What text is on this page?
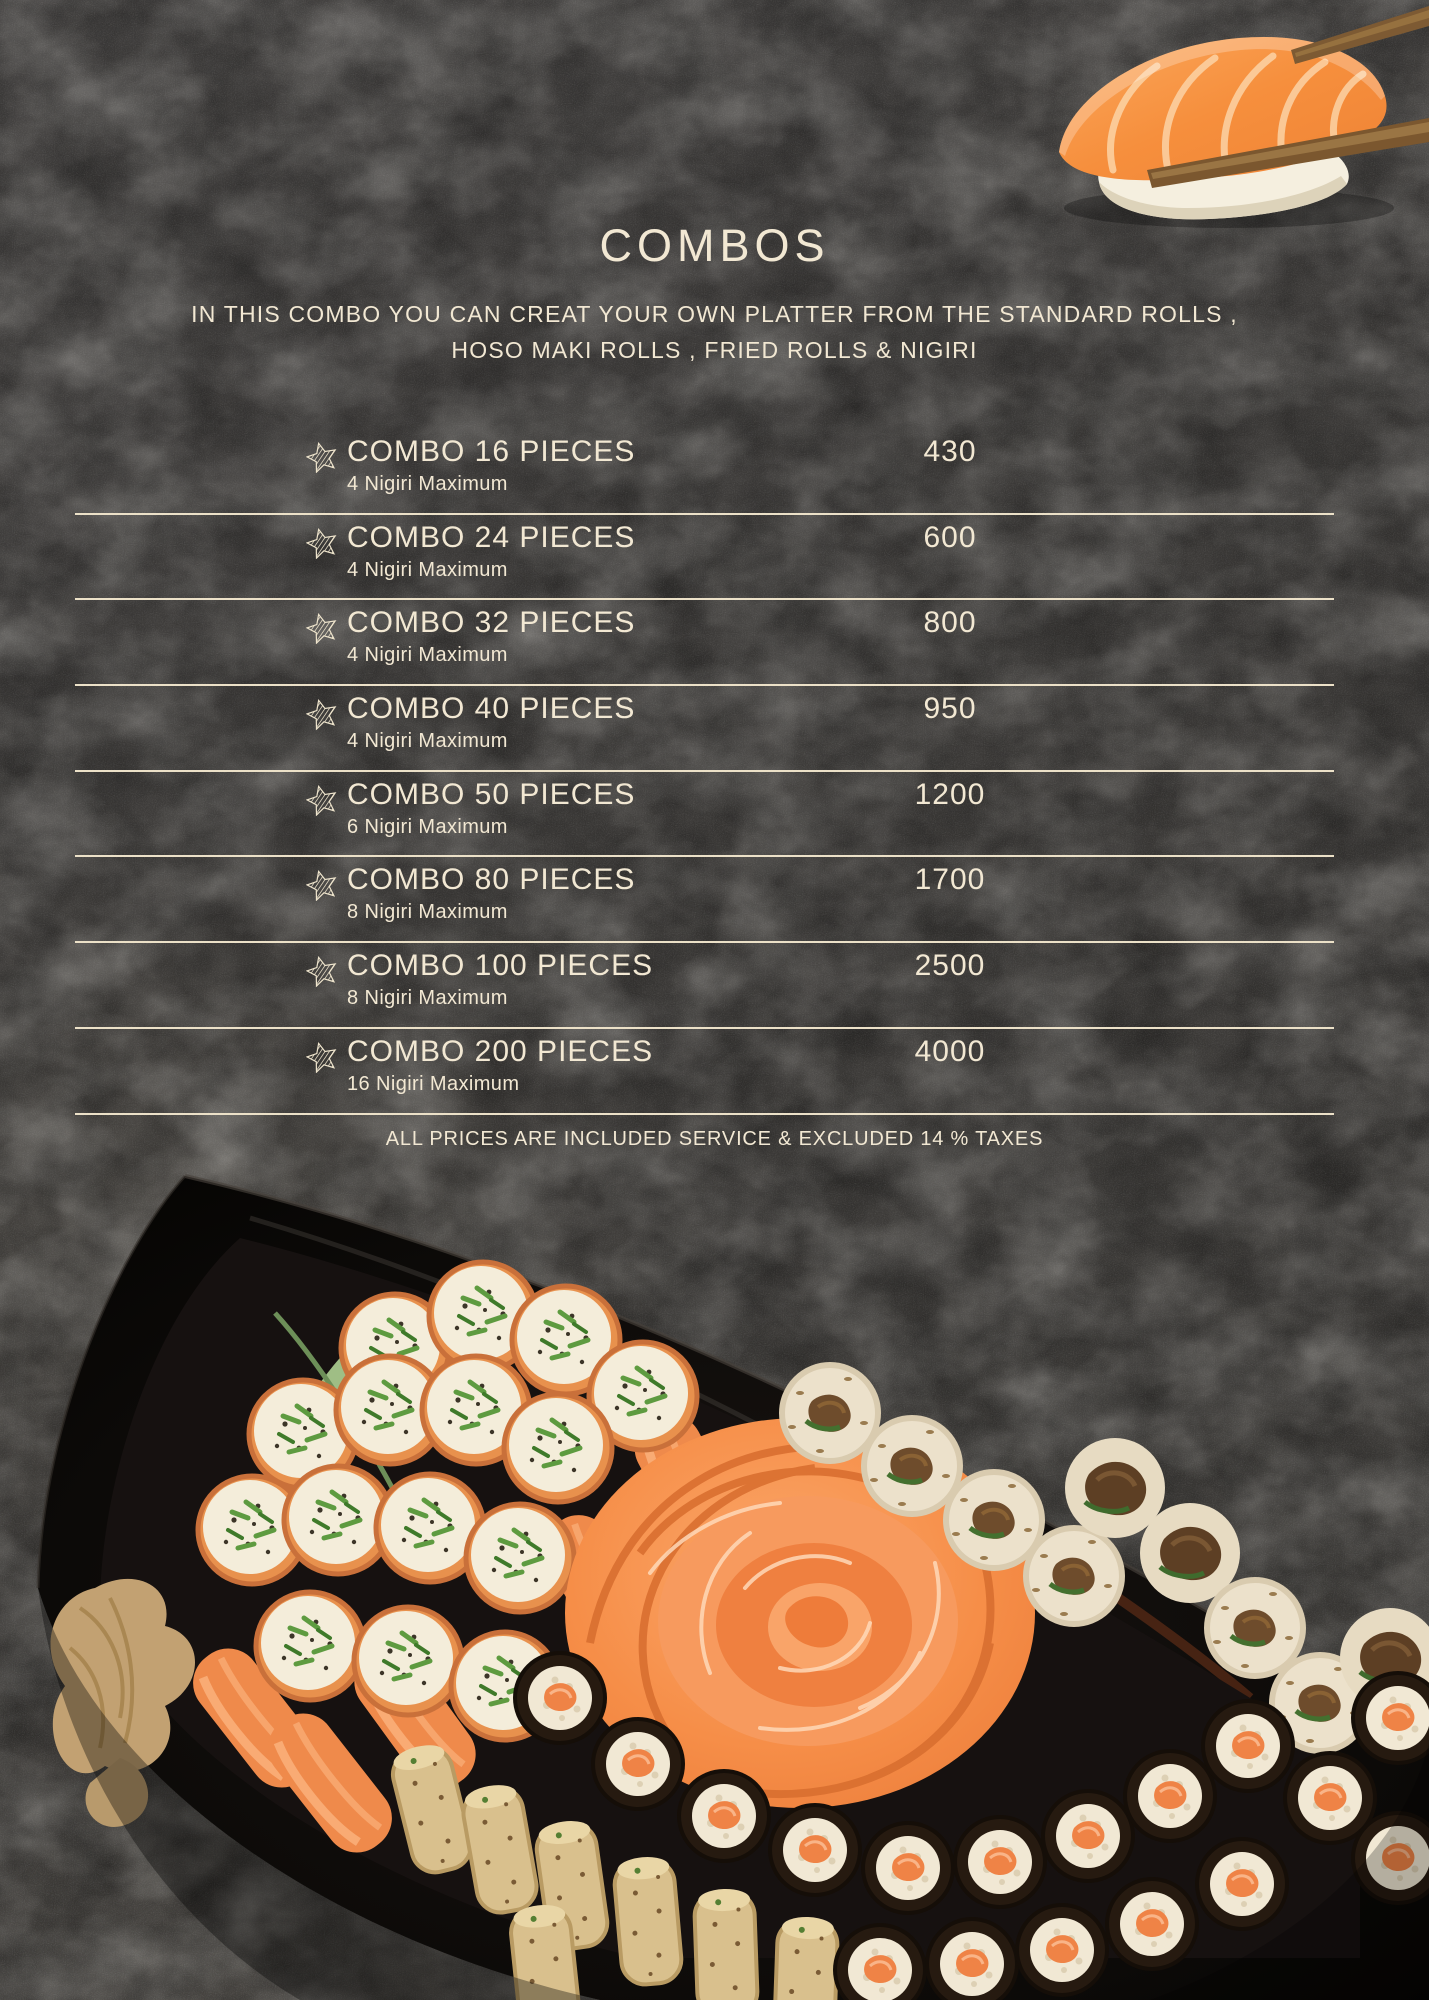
COMBOS
IN THIS COMBO YOU CAN CREAT YOUR OWN PLATTER FROM THE STANDARD ROLLS ,
HOSO MAKI ROLLS , FRIED ROLLS & NIGIRI
COMBO 16 PIECES
4 Nigiri Maximum
430
COMBO 24 PIECES
4 Nigiri Maximum
600
COMBO 32 PIECES
4 Nigiri Maximum
800
COMBO 40 PIECES
4 Nigiri Maximum
950
COMBO 50 PIECES
6 Nigiri Maximum
1200
COMBO 80 PIECES
8 Nigiri Maximum
1700
COMBO 100 PIECES
8 Nigiri Maximum
2500
COMBO 200 PIECES
16 Nigiri Maximum
4000
ALL PRICES ARE INCLUDED SERVICE & EXCLUDED 14 % TAXES
